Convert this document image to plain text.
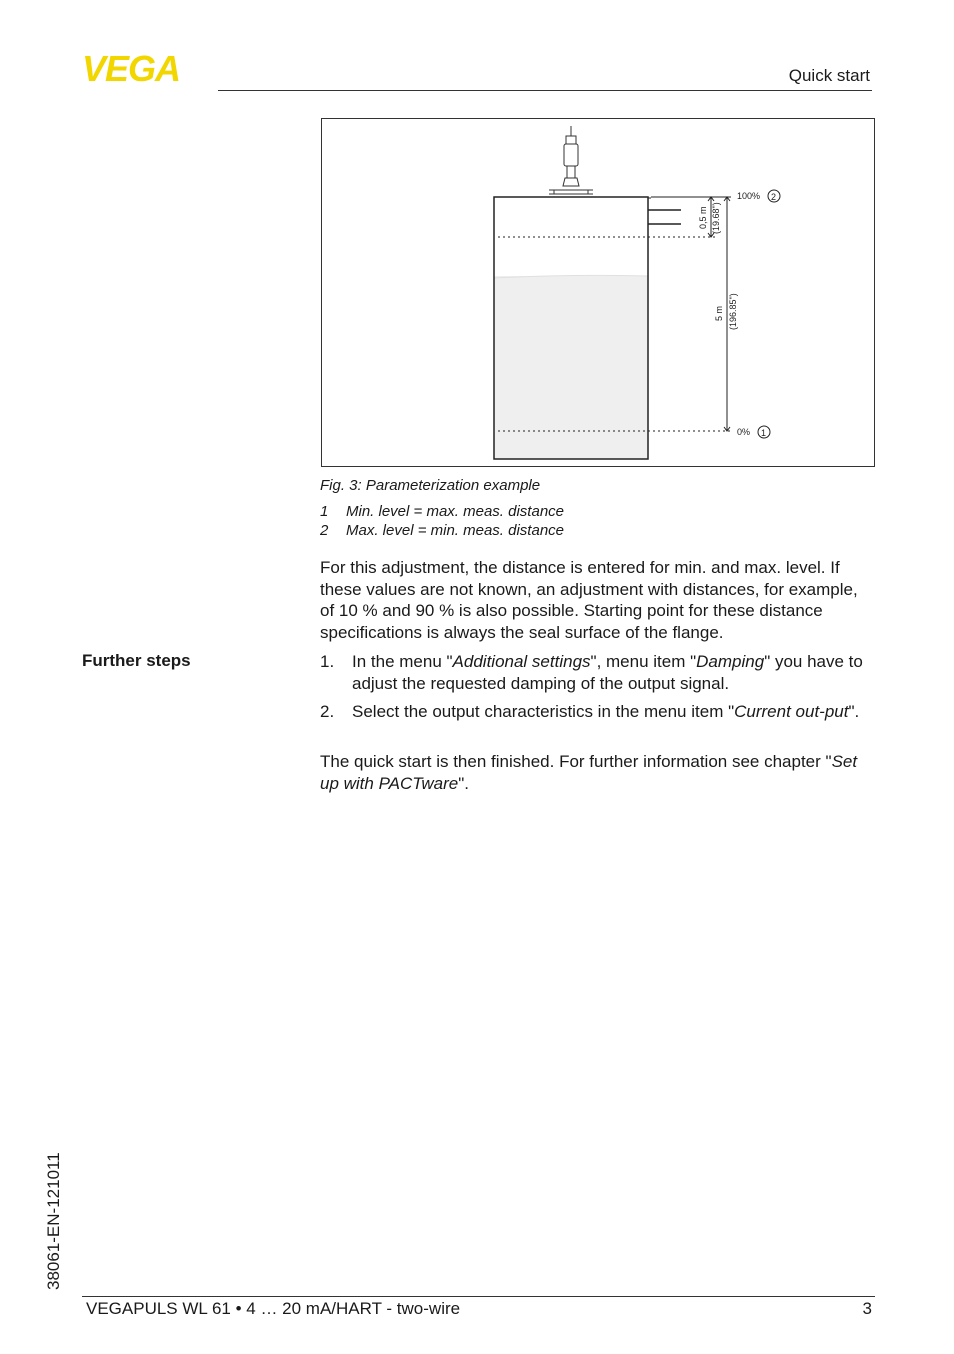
VEGA	Quick start
0,5 m (19.68")
5 m (196.85")
100% 2
0% 1
Fig. 3: Parameterization example
1 Min. level = max. meas. distance
2 Max. level = min. meas. distance
For this adjustment, the distance is entered for min. and max. level. If these values are not known, an adjustment with distances, for example, of 10 % and 90 % is also possible. Starting point for these distance specifications is always the seal surface of the flange.
Further steps	1. In the menu "Additional settings", menu item "Damping" you have to adjust the requested damping of the output signal.
2. Select the output characteristics in the menu item "Current out-put".
The quick start is then finished. For further information see chapter "Set up with PACTware".
38061-EN-121011
VEGAPULS WL 61 • 4 … 20 mA/HART - two-wire	3
